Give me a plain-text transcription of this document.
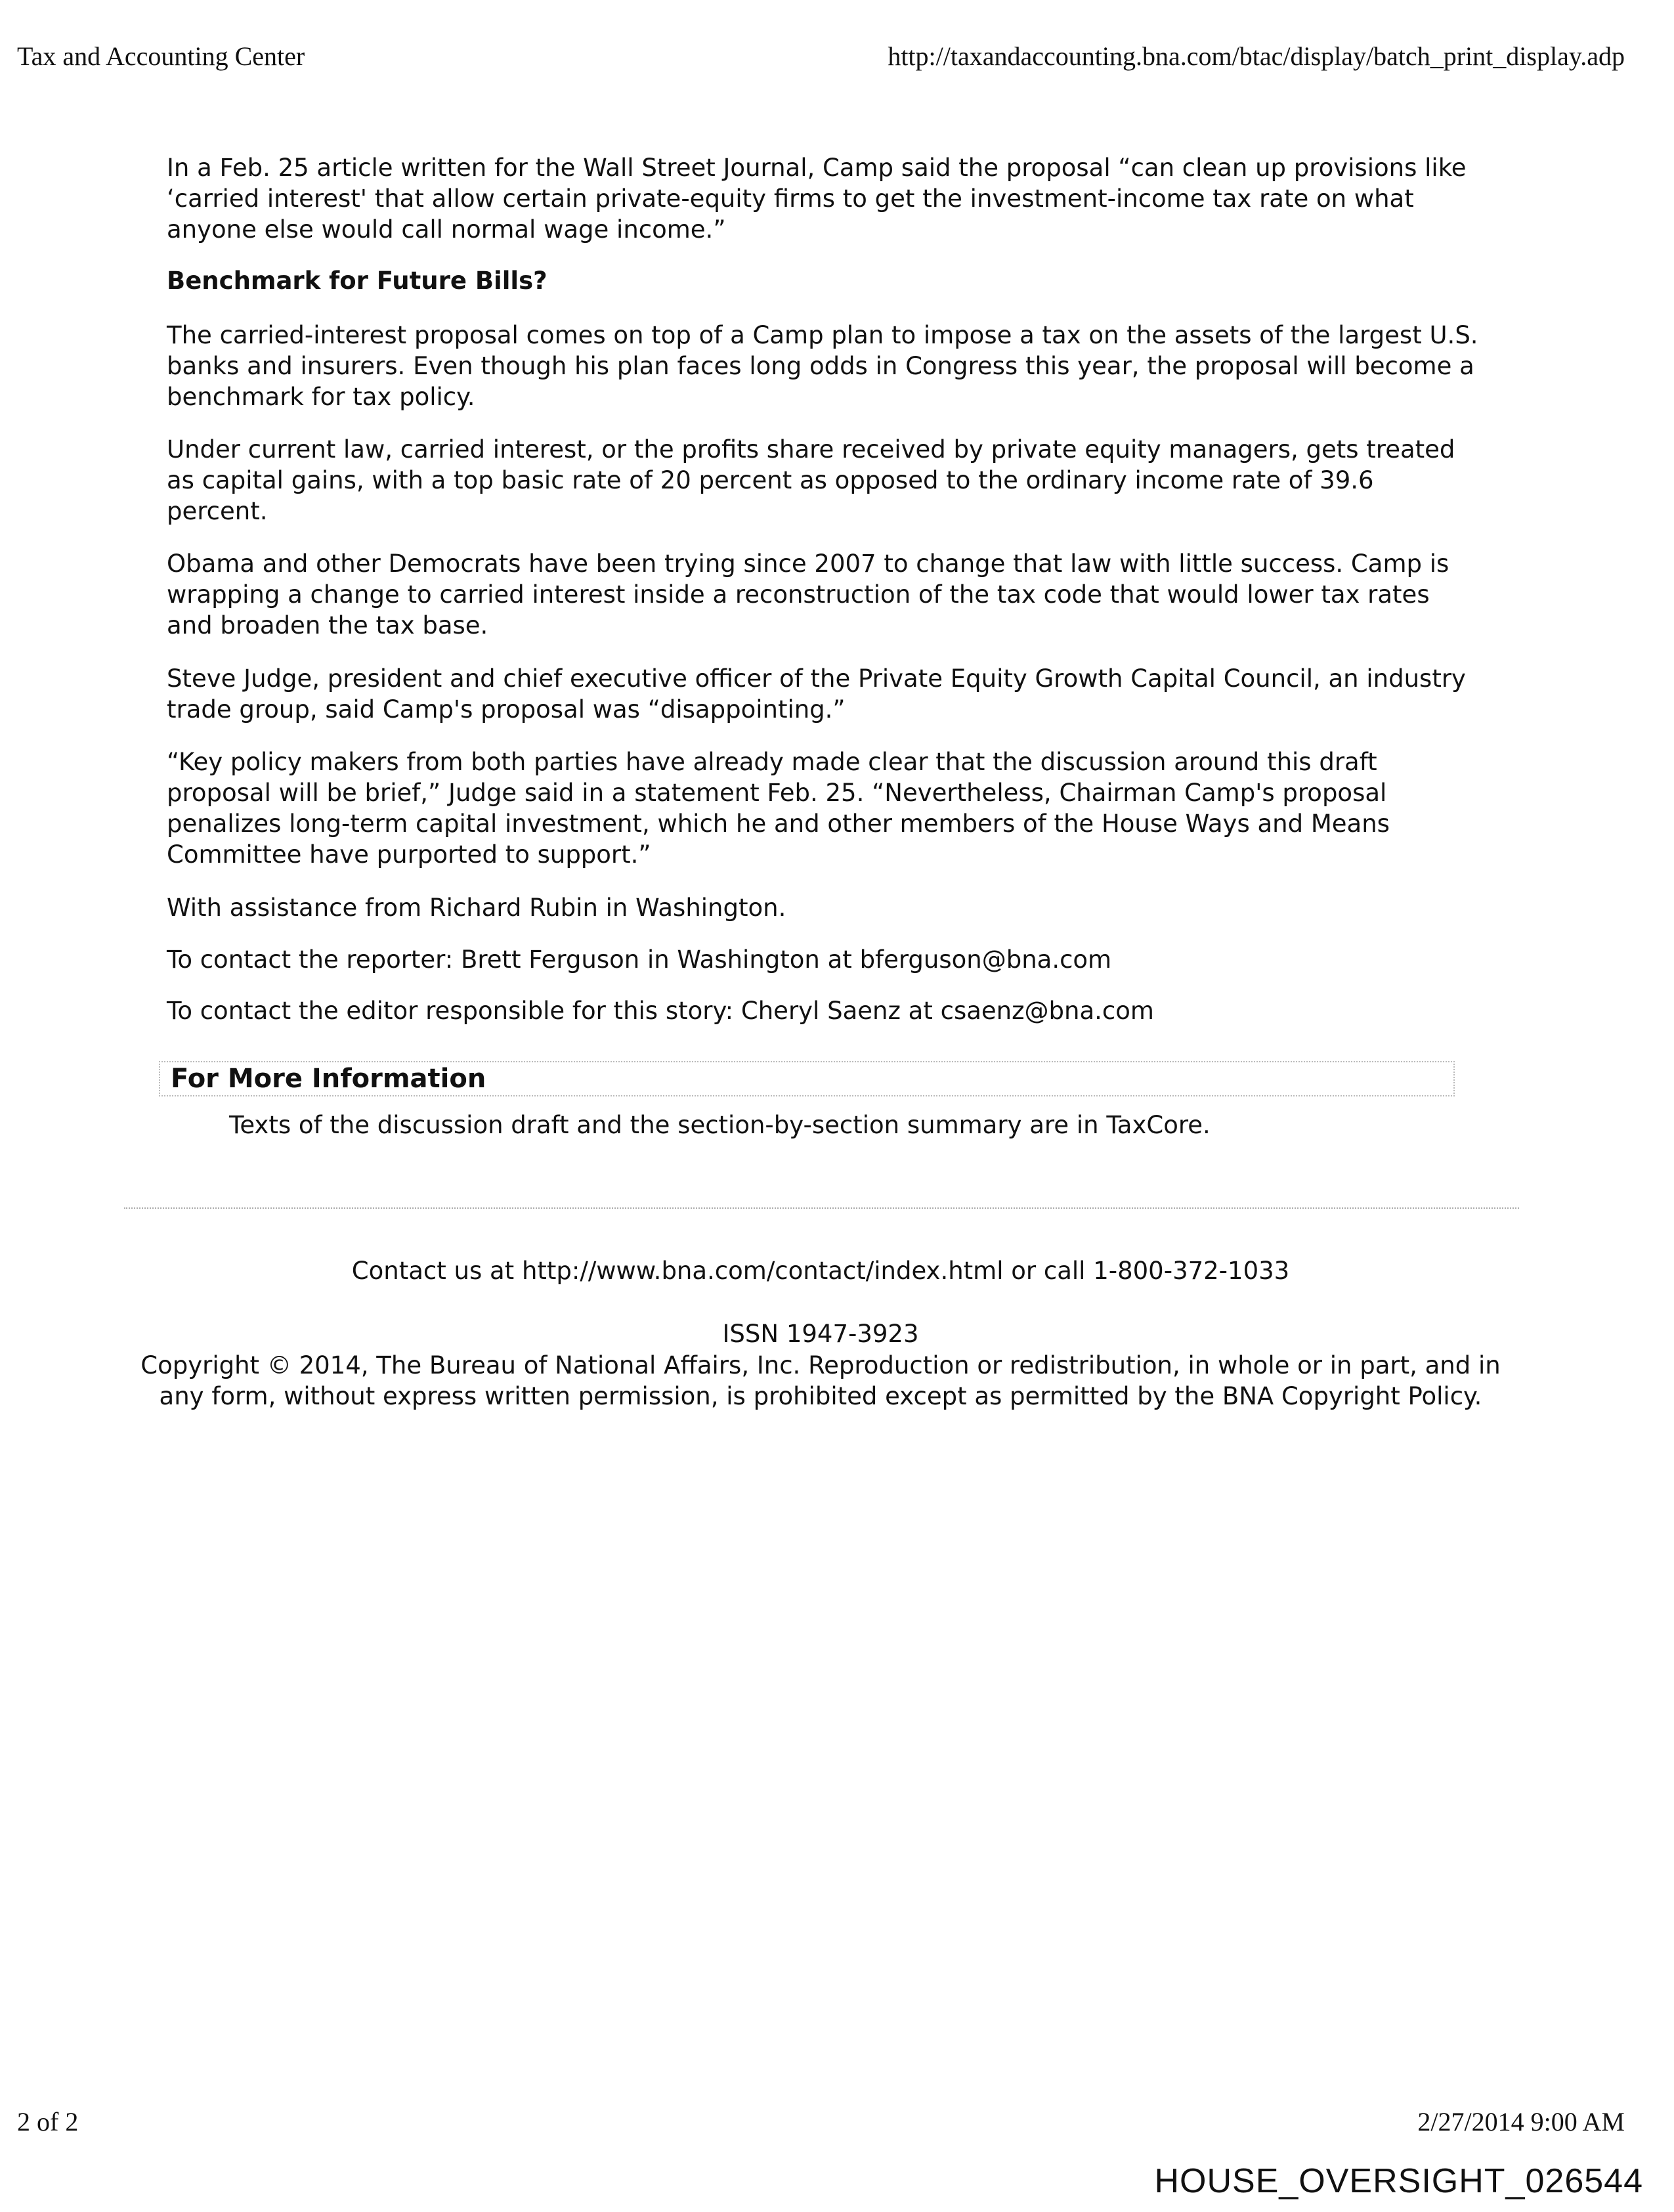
Tax and Accounting Center	http://taxandaccounting.bna.com/btac/display/batch_print_display.adp

In a Feb. 25 article written for the Wall Street Journal, Camp said the proposal “can clean up provisions like ‘carried interest' that allow certain private-equity firms to get the investment-income tax rate on what anyone else would call normal wage income.”

Benchmark for Future Bills?

The carried-interest proposal comes on top of a Camp plan to impose a tax on the assets of the largest U.S. banks and insurers. Even though his plan faces long odds in Congress this year, the proposal will become a benchmark for tax policy.

Under current law, carried interest, or the profits share received by private equity managers, gets treated as capital gains, with a top basic rate of 20 percent as opposed to the ordinary income rate of 39.6 percent.

Obama and other Democrats have been trying since 2007 to change that law with little success. Camp is wrapping a change to carried interest inside a reconstruction of the tax code that would lower tax rates and broaden the tax base.

Steve Judge, president and chief executive officer of the Private Equity Growth Capital Council, an industry trade group, said Camp's proposal was “disappointing.”

“Key policy makers from both parties have already made clear that the discussion around this draft proposal will be brief,” Judge said in a statement Feb. 25. “Nevertheless, Chairman Camp's proposal penalizes long-term capital investment, which he and other members of the House Ways and Means Committee have purported to support.”

With assistance from Richard Rubin in Washington.

To contact the reporter: Brett Ferguson in Washington at bferguson@bna.com

To contact the editor responsible for this story: Cheryl Saenz at csaenz@bna.com

For More Information
Texts of the discussion draft and the section-by-section summary are in TaxCore.
Contact us at http://www.bna.com/contact/index.html or call 1-800-372-1033
ISSN 1947-3923
Copyright © 2014, The Bureau of National Affairs, Inc. Reproduction or redistribution, in whole or in part, and in any form, without express written permission, is prohibited except as permitted by the BNA Copyright Policy.
2 of 2	2/27/2014 9:00 AM
HOUSE_OVERSIGHT_026544
